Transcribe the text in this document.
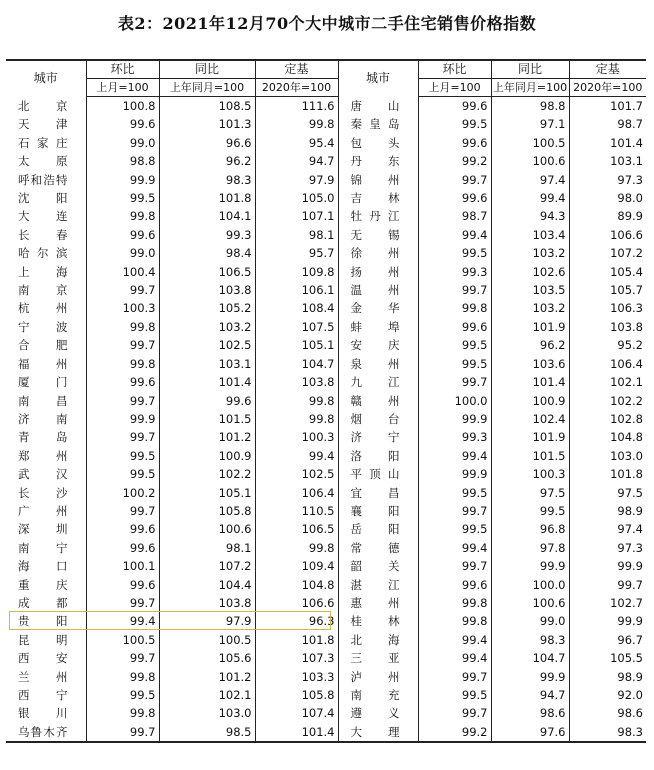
表2：2021年12月70个大中城市二手住宅销售价格指数
城市	环比	同比	定基	城市	环比	同比	定基
	上月=100	上年同月=100	2020年=100		上月=100	上年同月=100	2020年=100
北京	100.8	108.5	111.6	唐山	99.6	98.8	101.7
天津	99.6	101.3	99.8	秦皇岛	99.5	97.1	98.7
石家庄	99.0	96.6	95.4	包头	99.6	100.5	101.4
太原	98.8	96.2	94.7	丹东	99.2	100.6	103.1
呼和浩特	99.9	98.3	97.9	锦州	99.7	97.4	97.3
沈阳	99.5	101.8	105.0	吉林	99.6	99.4	98.0
大连	99.8	104.1	107.1	牡丹江	98.7	94.3	89.9
长春	99.6	99.3	98.1	无锡	99.4	103.4	106.6
哈尔滨	99.0	98.4	95.7	徐州	99.5	103.2	107.2
上海	100.4	106.5	109.8	扬州	99.3	102.6	105.4
南京	99.7	103.8	106.1	温州	99.7	103.5	105.7
杭州	100.3	105.2	108.4	金华	99.8	103.2	106.3
宁波	99.8	103.2	107.5	蚌埠	99.6	101.9	103.8
合肥	99.7	102.5	105.1	安庆	99.5	96.2	95.2
福州	99.8	103.1	104.7	泉州	99.5	103.6	106.4
厦门	99.6	101.4	103.8	九江	99.7	101.4	102.1
南昌	99.7	99.6	99.8	赣州	100.0	100.9	102.2
济南	99.9	101.5	99.8	烟台	99.9	102.4	102.8
青岛	99.7	101.2	100.3	济宁	99.3	101.9	104.8
郑州	99.5	100.9	99.4	洛阳	99.4	101.5	103.0
武汉	99.5	102.2	102.5	平顶山	99.9	100.3	101.8
长沙	100.2	105.1	106.4	宜昌	99.5	97.5	97.5
广州	99.7	105.8	110.5	襄阳	99.7	99.5	98.9
深圳	99.6	100.6	106.5	岳阳	99.5	96.8	97.4
南宁	99.6	98.1	99.8	常德	99.4	97.8	97.3
海口	100.1	107.2	109.4	韶关	99.7	99.9	99.9
重庆	99.6	104.4	104.8	湛江	99.6	100.0	99.7
成都	99.7	103.8	106.6	惠州	99.8	100.6	102.7
贵阳	99.4	97.9	96.3	桂林	99.8	99.0	99.9
昆明	100.5	100.5	101.8	北海	99.4	98.3	96.7
西安	99.7	105.6	107.3	三亚	99.4	104.7	105.5
兰州	99.8	101.2	103.3	泸州	99.7	99.9	98.9
西宁	99.5	102.1	105.8	南充	99.5	94.7	92.0
银川	99.8	103.0	107.4	遵义	99.7	98.6	98.6
乌鲁木齐	99.7	98.5	101.4	大理	99.2	97.6	98.3
